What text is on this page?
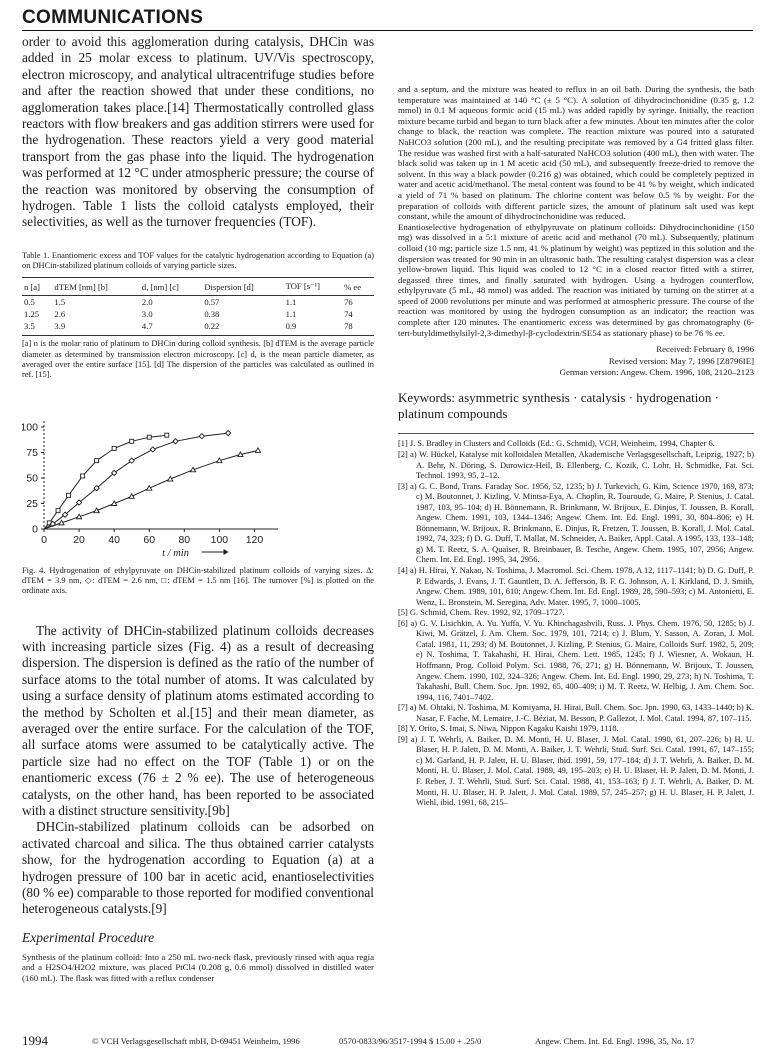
COMMUNICATIONS

order to avoid this agglomeration during catalysis, DHCin was added in 25 molar excess to platinum. UV/Vis spectroscopy, electron microscopy, and analytical ultracentrifuge studies before and after the reaction showed that under these conditions, no agglomeration takes place.[14] Thermostatically controlled glass reactors with flow breakers and gas addition stirrers were used for the hydrogenation. These reactors yield a very good material transport from the gas phase into the liquid. The hydrogenation was performed at 12 °C under atmospheric pressure; the course of the reaction was monitored by observing the consumption of hydrogen. Table 1 lists the colloid catalysts employed, their selectivities, as well as the turnover frequencies (TOF).

Table 1. Enantiomeric excess and TOF values for the catalytic hydrogenation according to Equation (a) on DHCin-stabilized platinum colloids of varying particle sizes.

n [a]	dTEM [nm] [b]	d, [nm] [c]	Dispersion [d]	TOF [s⁻¹]	% ee
0.5	1.5	2.0	0.57	1.1	76
1.25	2.6	3.0	0.38	1.1	74
3.5	3.9	4.7	0.22	0.9	78

[a] n is the molar ratio of platinum to DHCin during colloid synthesis. [b] dTEM is the average particle diameter as determined by transmission electron microscopy. [c] d, is the mean particle diameter, as averaged over the entire surface [15]. [d] The dispersion of the particles was calculated as outlined in ref. [15].

0
25
50
75
100
0	20 40 60 80 100 120
t / min

Fig. 4. Hydrogenation of ethylpyruvate on DHCin-stabilized platinum colloids of varying sizes. Δ: dTEM = 3.9 nm, ◇: dTEM = 2.6 nm, □: dTEM = 1.5 nm [16]. The turnover [%] is plotted on the ordinate axis.

The activity of DHCin-stabilized platinum colloids decreases with increasing particle sizes (Fig. 4) as a result of decreasing dispersion. The dispersion is defined as the ratio of the number of surface atoms to the total number of atoms. It was calculated by using a surface density of platinum atoms estimated according to the method by Scholten et al.[15] and their mean diameter, as averaged over the entire surface. For the calculation of the TOF, all surface atoms were assumed to be catalytically active. The particle size had no effect on the TOF (Table 1) or on the enantiomeric excess (76 ± 2 % ee). The use of heterogeneous catalysts, on the other hand, has been reported to be associated with a distinct structure sensitivity.[9b]

DHCin-stabilized platinum colloids can be adsorbed on activated charcoal and silica. The thus obtained carrier catalysts show, for the hydrogenation according to Equation (a) at a hydrogen pressure of 100 bar in acetic acid, enantioselectivities (80 % ee) comparable to those reported for modified conventional heterogeneous catalysts.[9]

Experimental Procedure

Synthesis of the platinum colloid: Into a 250 mL two-neck flask, previously rinsed with aqua regia and a H2SO4/H2O2 mixture, was placed PtCl4 (0.208 g, 0.6 mmol) dissolved in distilled water (160 mL). The flask was fitted with a reflux condenser

and a septum, and the mixture was heated to reflux in an oil bath. During the synthesis, the bath temperature was maintained at 140 °C (± 5 °C). A solution of dihydrocinchonidine (0.35 g, 1.2 mmol) in 0.1 M aqueous formic acid (15 mL) was added rapidly by syringe. Initially, the reaction mixture became turbid and began to turn black after a few minutes. About ten minutes after the color change to black, the reaction was complete. The reaction mixture was poured into a saturated NaHCO3 solution (200 mL), and the resulting precipitate was removed by a G4 fritted glass filter. The residue was washed first with a half-saturated NaHCO3 solution (400 mL), then with water. The black solid was taken up in 1 M acetic acid (50 mL), and subsequently freeze-dried to remove the solvent. In this way a black powder (0.216 g) was obtained, which could be completely peptized in water and acetic acid/methanol. The metal content was found to be 41 % by weight, which indicated a yield of 71 % based on platinum. The chlorine content was below 0.5 % by weight. For the preparation of colloids with different particle sizes, the amount of platinum salt used was kept constant, while the amount of dihydrocinchonidine was reduced.

Enantioselective hydrogenation of ethylpyruvate on platinum colloids: Dihydrocinchonidine (150 mg) was dissolved in a 5:1 mixture of acetic acid and methanol (70 mL). Subsequently, platinum colloid (10 mg; particle size 1.5 nm, 41 % platinum by weight) was peptized in this solution and the dispersion was treated for 90 min in an ultrasonic bath. The resulting catalyst dispersion was a clear yellow-brown liquid. This liquid was cooled to 12 °C in a closed reactor fitted with a stirrer, degassed three times, and finally saturated with hydrogen. Using a hydrogen counterflow, ethylpyruvate (5 mL, 48 mmol) was added. The reaction was initiated by turning on the stirrer at a speed of 2000 revolutions per minute and was performed at atmospheric pressure. The course of the reaction was monitored by using the hydrogen consumption as an indicator; the reaction was complete after 120 minutes. The enantiomeric excess was determined by gas chromatography (6-tert-butyldimethylsilyl-2,3-dimethyl-β-cyclodextrin/SE54 as stationary phase) to be 76 % ee.

Received: February 8, 1996

Revised version: May 7, 1996 [Z8796IE]

German version: Angew. Chem. 1996, 108, 2120–2123

Keywords: asymmetric synthesis · catalysis · hydrogenation · platinum compounds

[1] J. S. Bradley in Clusters and Colloids (Ed.: G. Schmid), VCH, Weinheim, 1994, Chapter 6.
[2] a) W. Hückel, Katalyse mit kolloidalen Metallen, Akademische Verlagsgesellschaft, Leipzig, 1927; b) A. Behr, N. Döring, S. Durowicz-Heil, B. Ellenberg, C. Kozik, C. Lohr, H. Schmidke, Fat. Sci. Technol. 1993, 95, 2–12.
[3] a) G. C. Bond, Trans. Faraday Soc. 1956, 52, 1235; b) J. Turkevich, G. Kim, Science 1970, 169, 873; c) M. Boutonnet, J. Kizling, V. Mintsa-Eya, A. Choplin, R. Touroude, G. Maire, P. Stenius, J. Catal. 1987, 103, 95–104; d) H. Bönnemann, R. Brinkmann, W. Brijoux, E. Dinjus, T. Joussen, B. Korall, Angew. Chem. 1991, 103, 1344–1346; Angew. Chem. Int. Ed. Engl. 1991, 30, 804–806; e) H. Bönnemann, W. Brijoux, R. Brinkmann, E. Dinjus, R. Fretzen, T. Joussen, B. Korall, J. Mol. Catal. 1992, 74, 323; f) D. G. Duff, T. Mallat, M. Schneider, A. Baiker, Appl. Catal. A 1995, 133, 133–148; g) M. T. Reetz, S. A. Quaiser, R. Breinbauer, B. Tesche, Angew. Chem. 1995, 107, 2956; Angew. Chem. Int. Ed. Engl. 1995, 34, 2956.
[4] a) H. Hirai, Y. Nakao, N. Toshima, J. Macromol. Sci. Chem. 1978, A 12, 1117–1141; b) D. G. Duff, P. P. Edwards, J. Evans, J. T. Gauntlett, D. A. Jefferson, B. F. G. Johnson, A. I. Kirkland, D. J. Smith, Angew. Chem. 1989, 101, 610; Angew. Chem. Int. Ed. Engl. 1989, 28, 590–593; c) M. Antonietti, E. Wenz, L. Bronstein, M. Seregina, Adv. Mater. 1995, 7, 1000–1005.
[5] G. Schmid, Chem. Rev. 1992, 92, 1709–1727.
[6] a) G. V. Lisichkin, A. Yu. Yuffa, V. Yu. Khinchagashvili, Russ. J. Phys. Chem. 1976, 50, 1285; b) J. Kiwi, M. Grätzel, J. Am. Chem. Soc. 1979, 101, 7214; c) J. Blum, Y. Sasson, A. Zoran, J. Mol. Catal. 1981, 11, 293; d) M. Boutonnet, J. Kizling, P. Stenius, G. Maire, Colloids Surf. 1982, 5, 209; e) N. Toshima, T. Takahashi, H. Hirai, Chem. Lett. 1985, 1245; f) J. Wiesner, A. Wokaun, H. Hoffmann, Prog. Colloid Polym. Sci. 1988, 76, 271; g) H. Bönnemann, W. Brijoux, T. Joussen, Angew. Chem. 1990, 102, 324–326; Angew. Chem. Int. Ed. Engl. 1990, 29, 273; h) N. Toshima, T. Takahashi, Bull. Chem. Soc. Jpn. 1992, 65, 400–409; i) M. T. Reetz, W. Helbig, J. Am. Chem. Soc. 1994, 116, 7401–7402.
[7] a) M. Ohtaki, N. Toshima, M. Komiyama, H. Hirai, Bull. Chem. Soc. Jpn. 1990, 63, 1433–1440; b) K. Nasar, F. Fache, M. Lemaire, J.-C. Béziat, M. Besson, P. Gallezot, J. Mol. Catal. 1994, 87, 107–115.
[8] Y. Orito, S. Imai, S. Niwa, Nippon Kagaku Kaishi 1979, 1118.
[9] a) J. T. Wehrli, A. Baiker, D. M. Monti, H. U. Blaser, J. Mol. Catal. 1990, 61, 207–226; b) H. U. Blaser, H. P. Jalett, D. M. Monti, A. Baiker, J. T. Wehrli, Stud. Surf. Sci. Catal. 1991, 67, 147–155; c) M. Garland, H. P. Jalett, H. U. Blaser, ibid. 1991, 59, 177–184; d) J. T. Wehrli, A. Baiker, D. M. Monti, H. U. Blaser, J. Mol. Catal. 1989, 49, 195–203; e) H. U. Blaser, H. P. Jalett, D. M. Monti, J. F. Reber, J. T. Wehrli, Stud. Surf. Sci. Catal. 1988, 41, 153–163; f) J. T. Wehrli, A. Baiker, D. M. Monti, H. U. Blaser, H. P. Jalett, J. Mol. Catal. 1989, 57, 245–257; g) H. U. Blaser, H. P. Jalett, J. Wiehl, ibid. 1991, 68, 215–
1994	© VCH Verlagsgesellschaft mbH, D-69451 Weinheim, 1996	0570-0833/96/3517-1994 $ 15.00 + .25/0	Angew. Chem. Int. Ed. Engl. 1996, 35, No. 17
